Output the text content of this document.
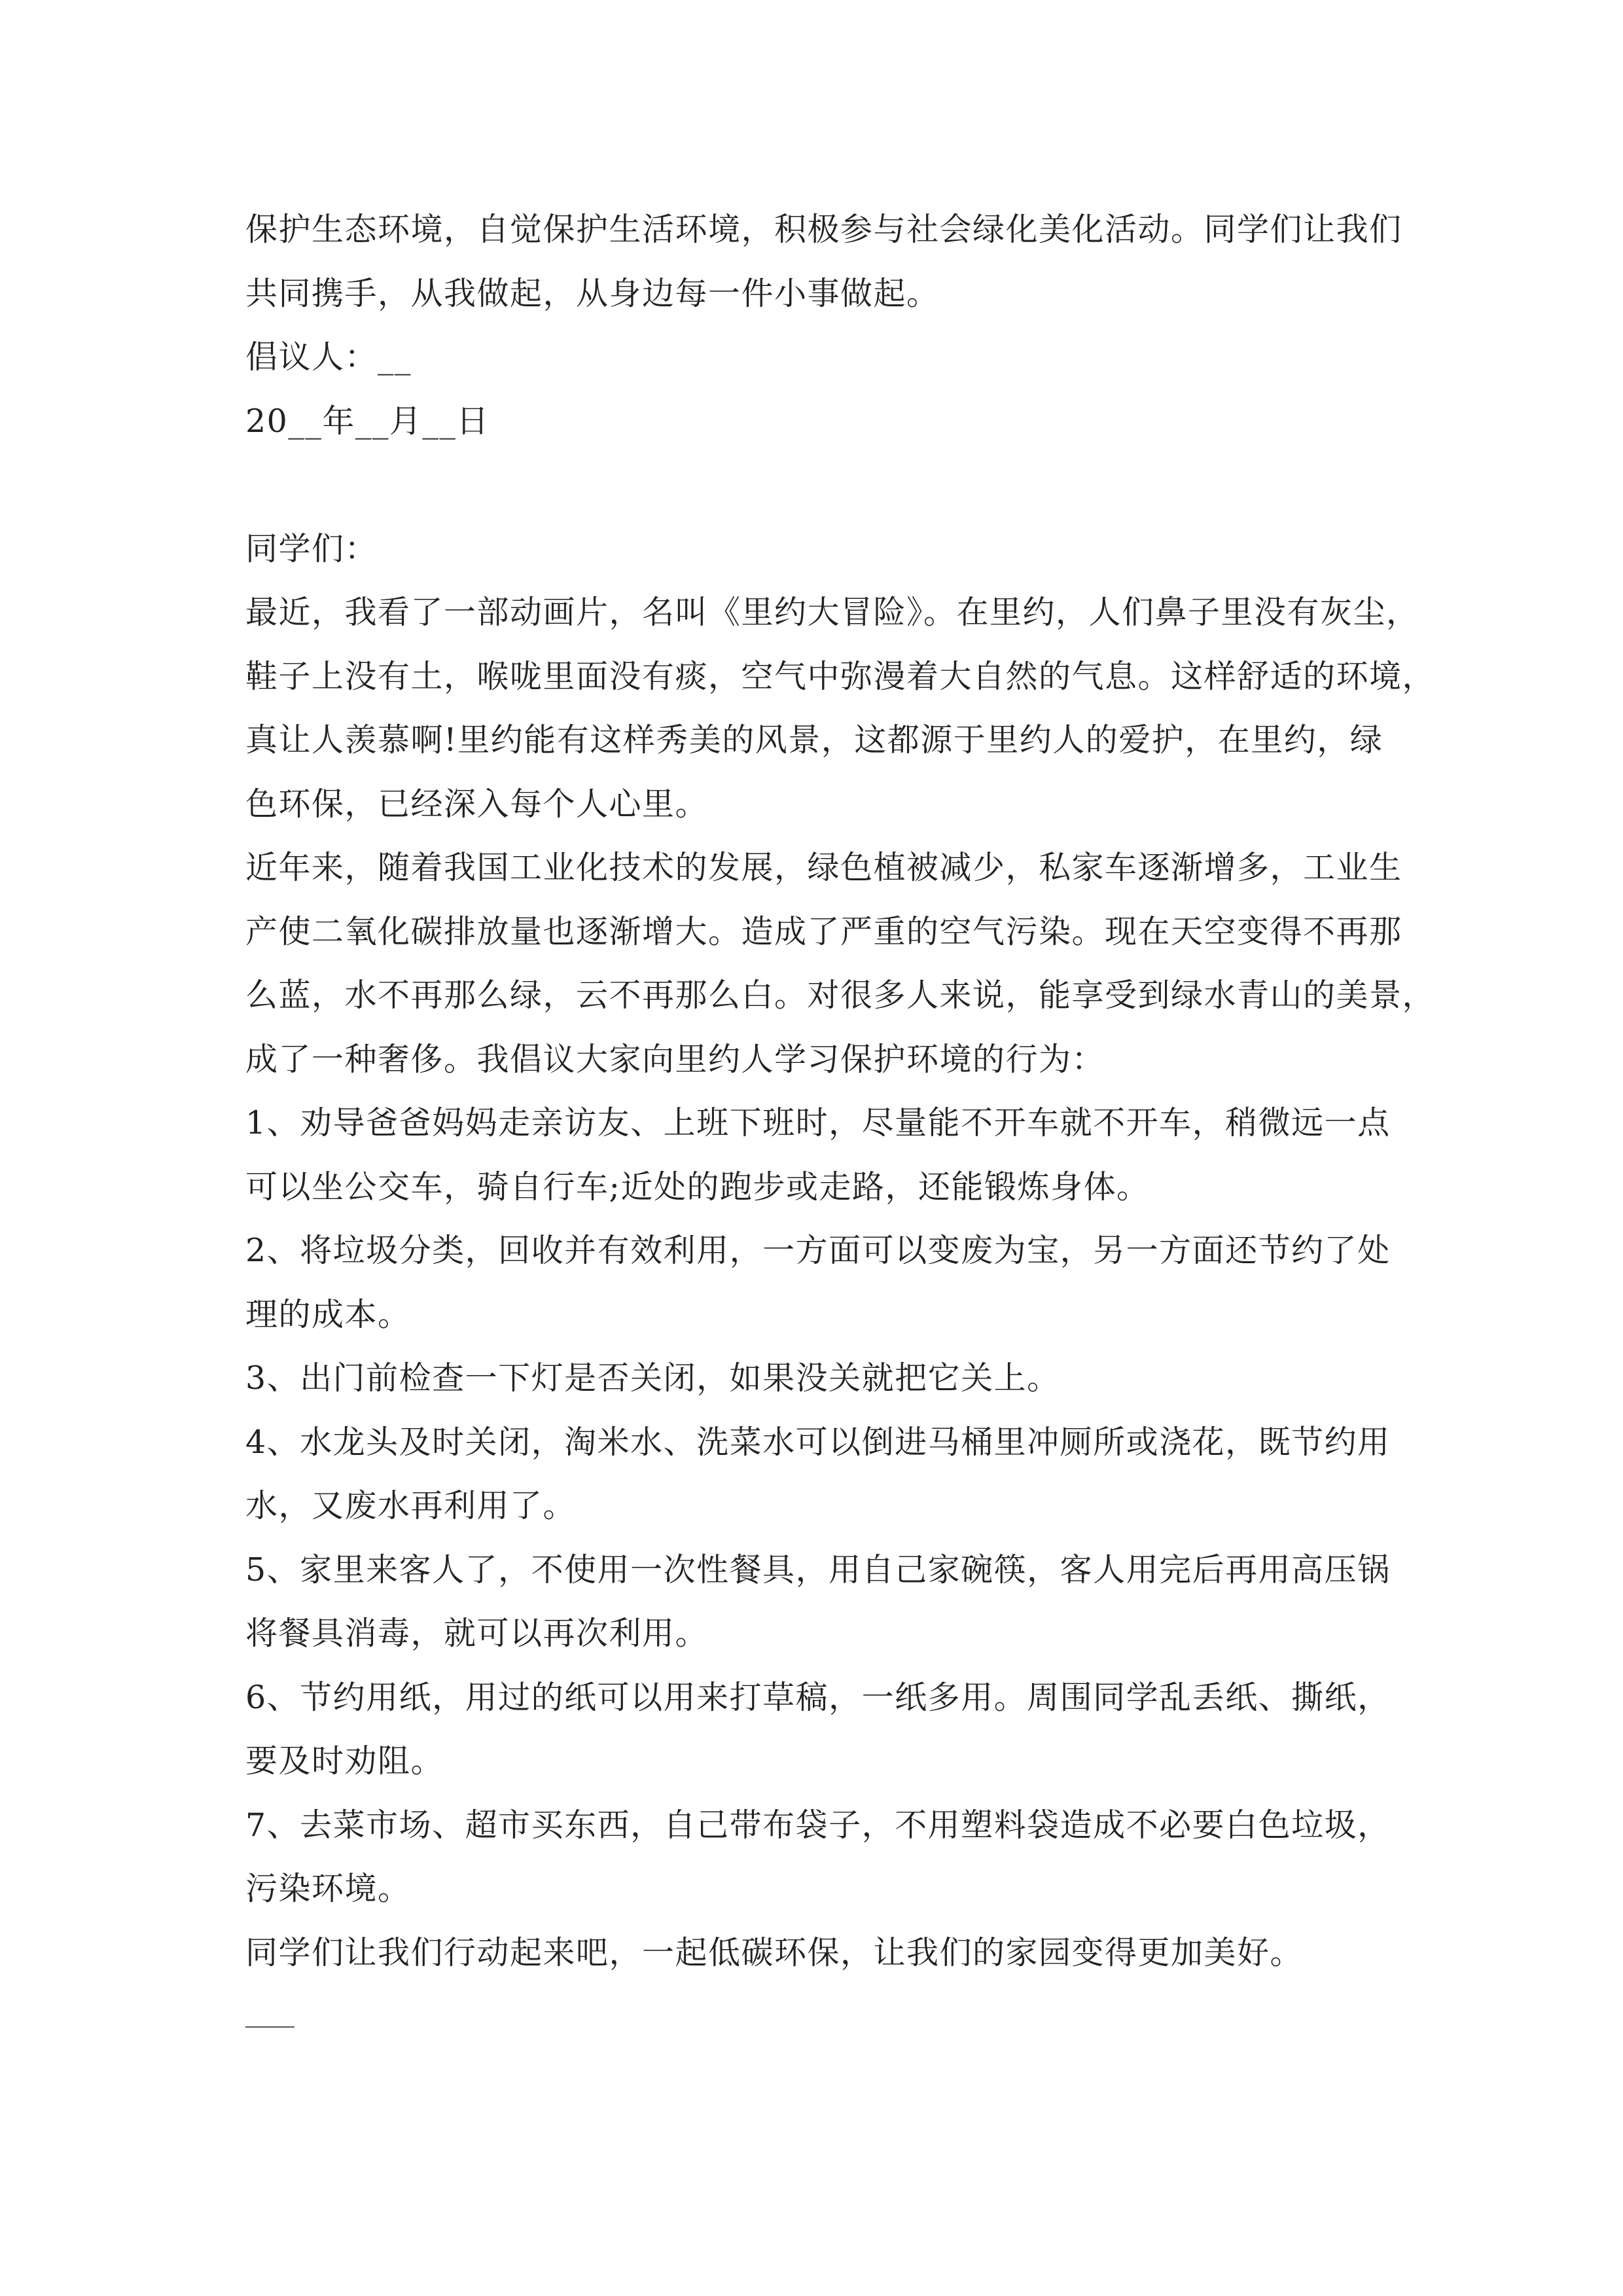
保护生态环境，自觉保护生活环境，积极参与社会绿化美化活动。同学们让我们
共同携手，从我做起，从身边每一件小事做起。
倡议人：__
20__年__月__日
同学们：
最近，我看了一部动画片，名叫《里约大冒险》。在里约，人们鼻子里没有灰尘，
鞋子上没有土，喉咙里面没有痰，空气中弥漫着大自然的气息。这样舒适的环境，
真让人羡慕啊!里约能有这样秀美的风景，这都源于里约人的爱护，在里约，绿
色环保，已经深入每个人心里。
近年来，随着我国工业化技术的发展，绿色植被减少，私家车逐渐增多，工业生
产使二氧化碳排放量也逐渐增大。造成了严重的空气污染。现在天空变得不再那
么蓝，水不再那么绿，云不再那么白。对很多人来说，能享受到绿水青山的美景，
成了一种奢侈。我倡议大家向里约人学习保护环境的行为：
1、劝导爸爸妈妈走亲访友、上班下班时，尽量能不开车就不开车，稍微远一点
可以坐公交车，骑自行车;近处的跑步或走路，还能锻炼身体。
2、将垃圾分类，回收并有效利用，一方面可以变废为宝，另一方面还节约了处
理的成本。
3、出门前检查一下灯是否关闭，如果没关就把它关上。
4、水龙头及时关闭，淘米水、洗菜水可以倒进马桶里冲厕所或浇花，既节约用
水，又废水再利用了。
5、家里来客人了，不使用一次性餐具，用自己家碗筷，客人用完后再用高压锅
将餐具消毒，就可以再次利用。
6、节约用纸，用过的纸可以用来打草稿，一纸多用。周围同学乱丢纸、撕纸，
要及时劝阻。
7、去菜市场、超市买东西，自己带布袋子，不用塑料袋造成不必要白色垃圾，
污染环境。
同学们让我们行动起来吧，一起低碳环保，让我们的家园变得更加美好。
